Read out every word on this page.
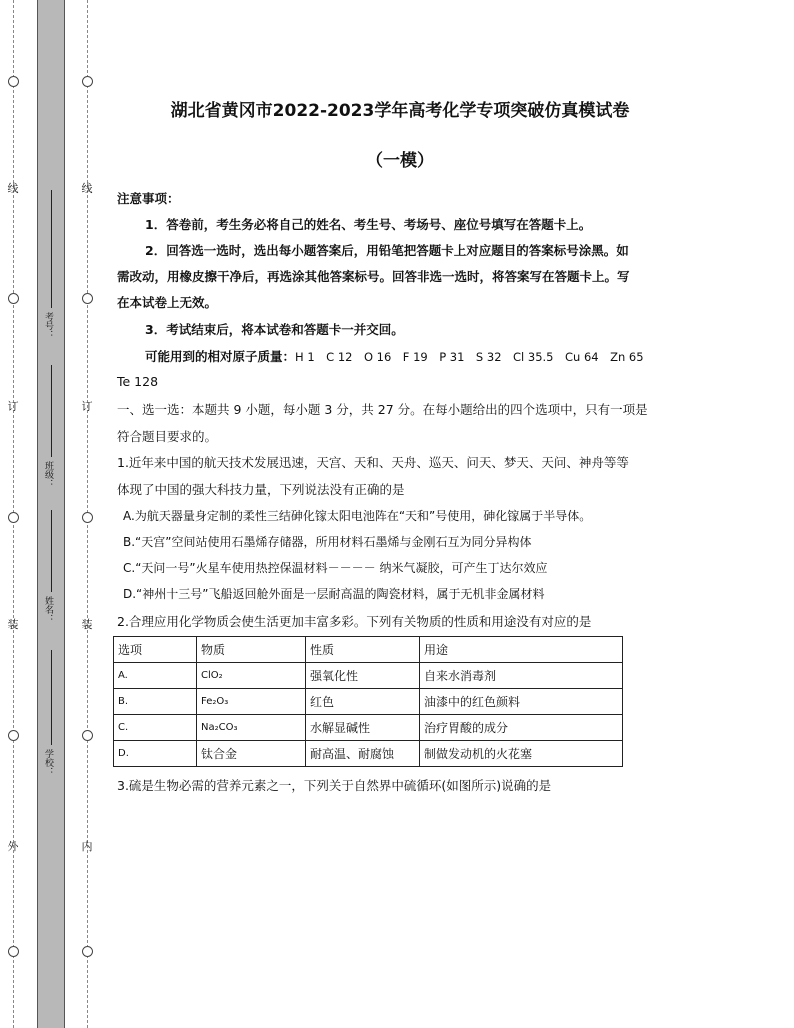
线
订
装
外
线
订
装
内
考号：
班级：
姓名：
学校：
湖北省黄冈市2022-2023学年高考化学专项突破仿真模试卷
（一模）
注意事项：
1．答卷前，考生务必将自己的姓名、考生号、考场号、座位号填写在答题卡上。
2．回答选一选时，选出每小题答案后，用铅笔把答题卡上对应题目的答案标号涂黑。如
需改动，用橡皮擦干净后，再选涂其他答案标号。回答非选一选时，将答案写在答题卡上。写
在本试卷上无效。
3．考试结束后，将本试卷和答题卡一并交回。
可能用到的相对原子质量：H 1　C 12　O 16　F 19　P 31　S 32　Cl 35.5　Cu 64　Zn 65
Te 128
一、选一选：本题共 9 小题，每小题 3 分，共 27 分。在每小题给出的四个选项中，只有一项是
符合题目要求的。
1.近年来中国的航天技术发展迅速，天宫、天和、天舟、巡天、问天、梦天、天问、神舟等等
体现了中国的强大科技力量，下列说法没有正确的是
A.为航天器量身定制的柔性三结砷化镓太阳电池阵在“天和”号使用，砷化镓属于半导体。
B.“天宫”空间站使用石墨烯存储器，所用材料石墨烯与金刚石互为同分异构体
C.“天问一号”火星车使用热控保温材料－－－－ 纳米气凝胶，可产生丁达尔效应
D.“神州十三号”飞船返回舱外面是一层耐高温的陶瓷材料，属于无机非金属材料
2.合理应用化学物质会使生活更加丰富多彩。下列有关物质的性质和用途没有对应的是
选项	物质	性质	用途
A.	ClO₂	强氧化性	自来水消毒剂
B.	Fe₂O₃	红色	油漆中的红色颜料
C.	Na₂CO₃	水解显碱性	治疗胃酸的成分
D.	钛合金	耐高温、耐腐蚀	制做发动机的火花塞
3.硫是生物必需的营养元素之一，下列关于自然界中硫循环(如图所示)说确的是
